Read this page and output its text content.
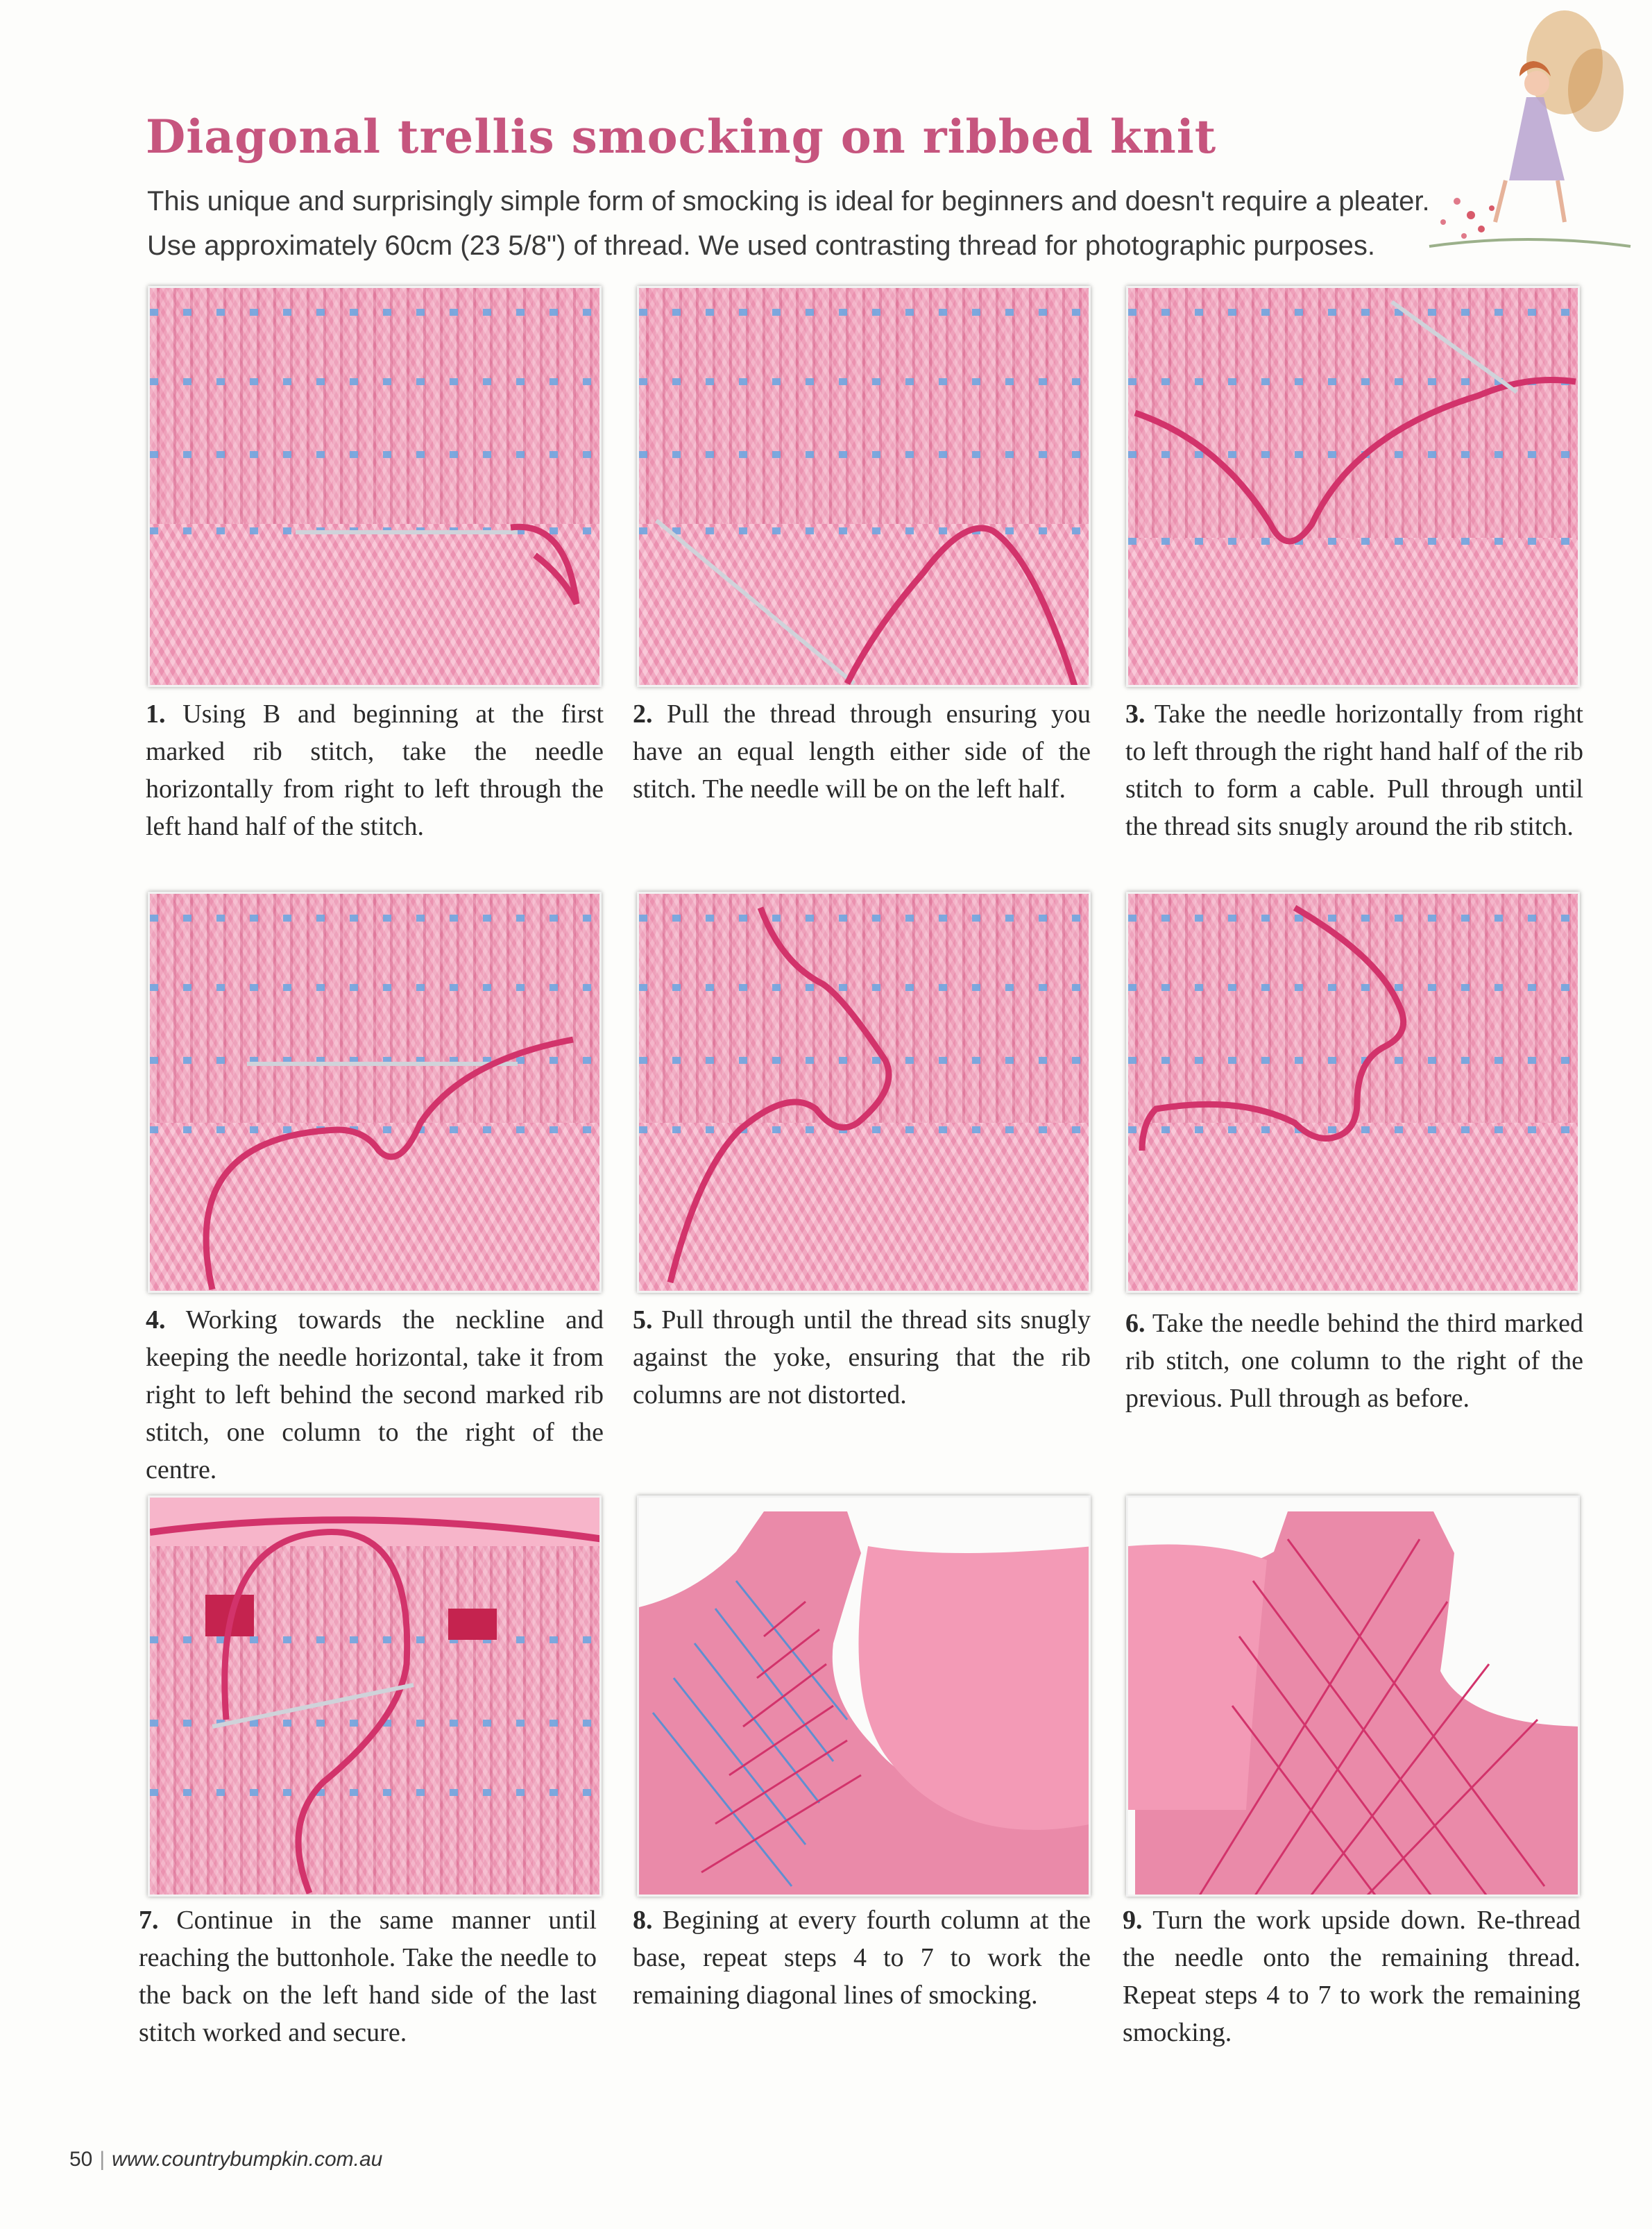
Diagonal trellis smocking on ribbed knit

This unique and surprisingly simple form of smocking is ideal for beginners and doesn't require a pleater.

Use approximately 60cm (23 5/8") of thread. We used contrasting thread for photographic purposes.

1. Using B and beginning at the first marked rib stitch, take the needle horizontally from right to left through the left hand half of the stitch.
2. Pull the thread through ensuring you have an equal length either side of the stitch. The needle will be on the left half.
3. Take the needle horizontally from right to left through the right hand half of the rib stitch to form a cable. Pull through until the thread sits snugly around the rib stitch.
4. Working towards the neckline and keeping the needle horizontal, take it from right to left behind the second marked rib stitch, one column to the right of the centre.
5. Pull through until the thread sits snugly against the yoke, ensuring that the rib columns are not distorted.
6. Take the needle behind the third marked rib stitch, one column to the right of the previous. Pull through as before.
7. Continue in the same manner until reaching the buttonhole. Take the needle to the back on the left hand side of the last stitch worked and secure.
8. Begining at every fourth column at the base, repeat steps 4 to 7 to work the remaining diagonal lines of smocking.
9. Turn the work upside down. Re-thread the needle onto the remaining thread. Repeat steps 4 to 7 to work the remaining smocking.
50 | www.countrybumpkin.com.au
